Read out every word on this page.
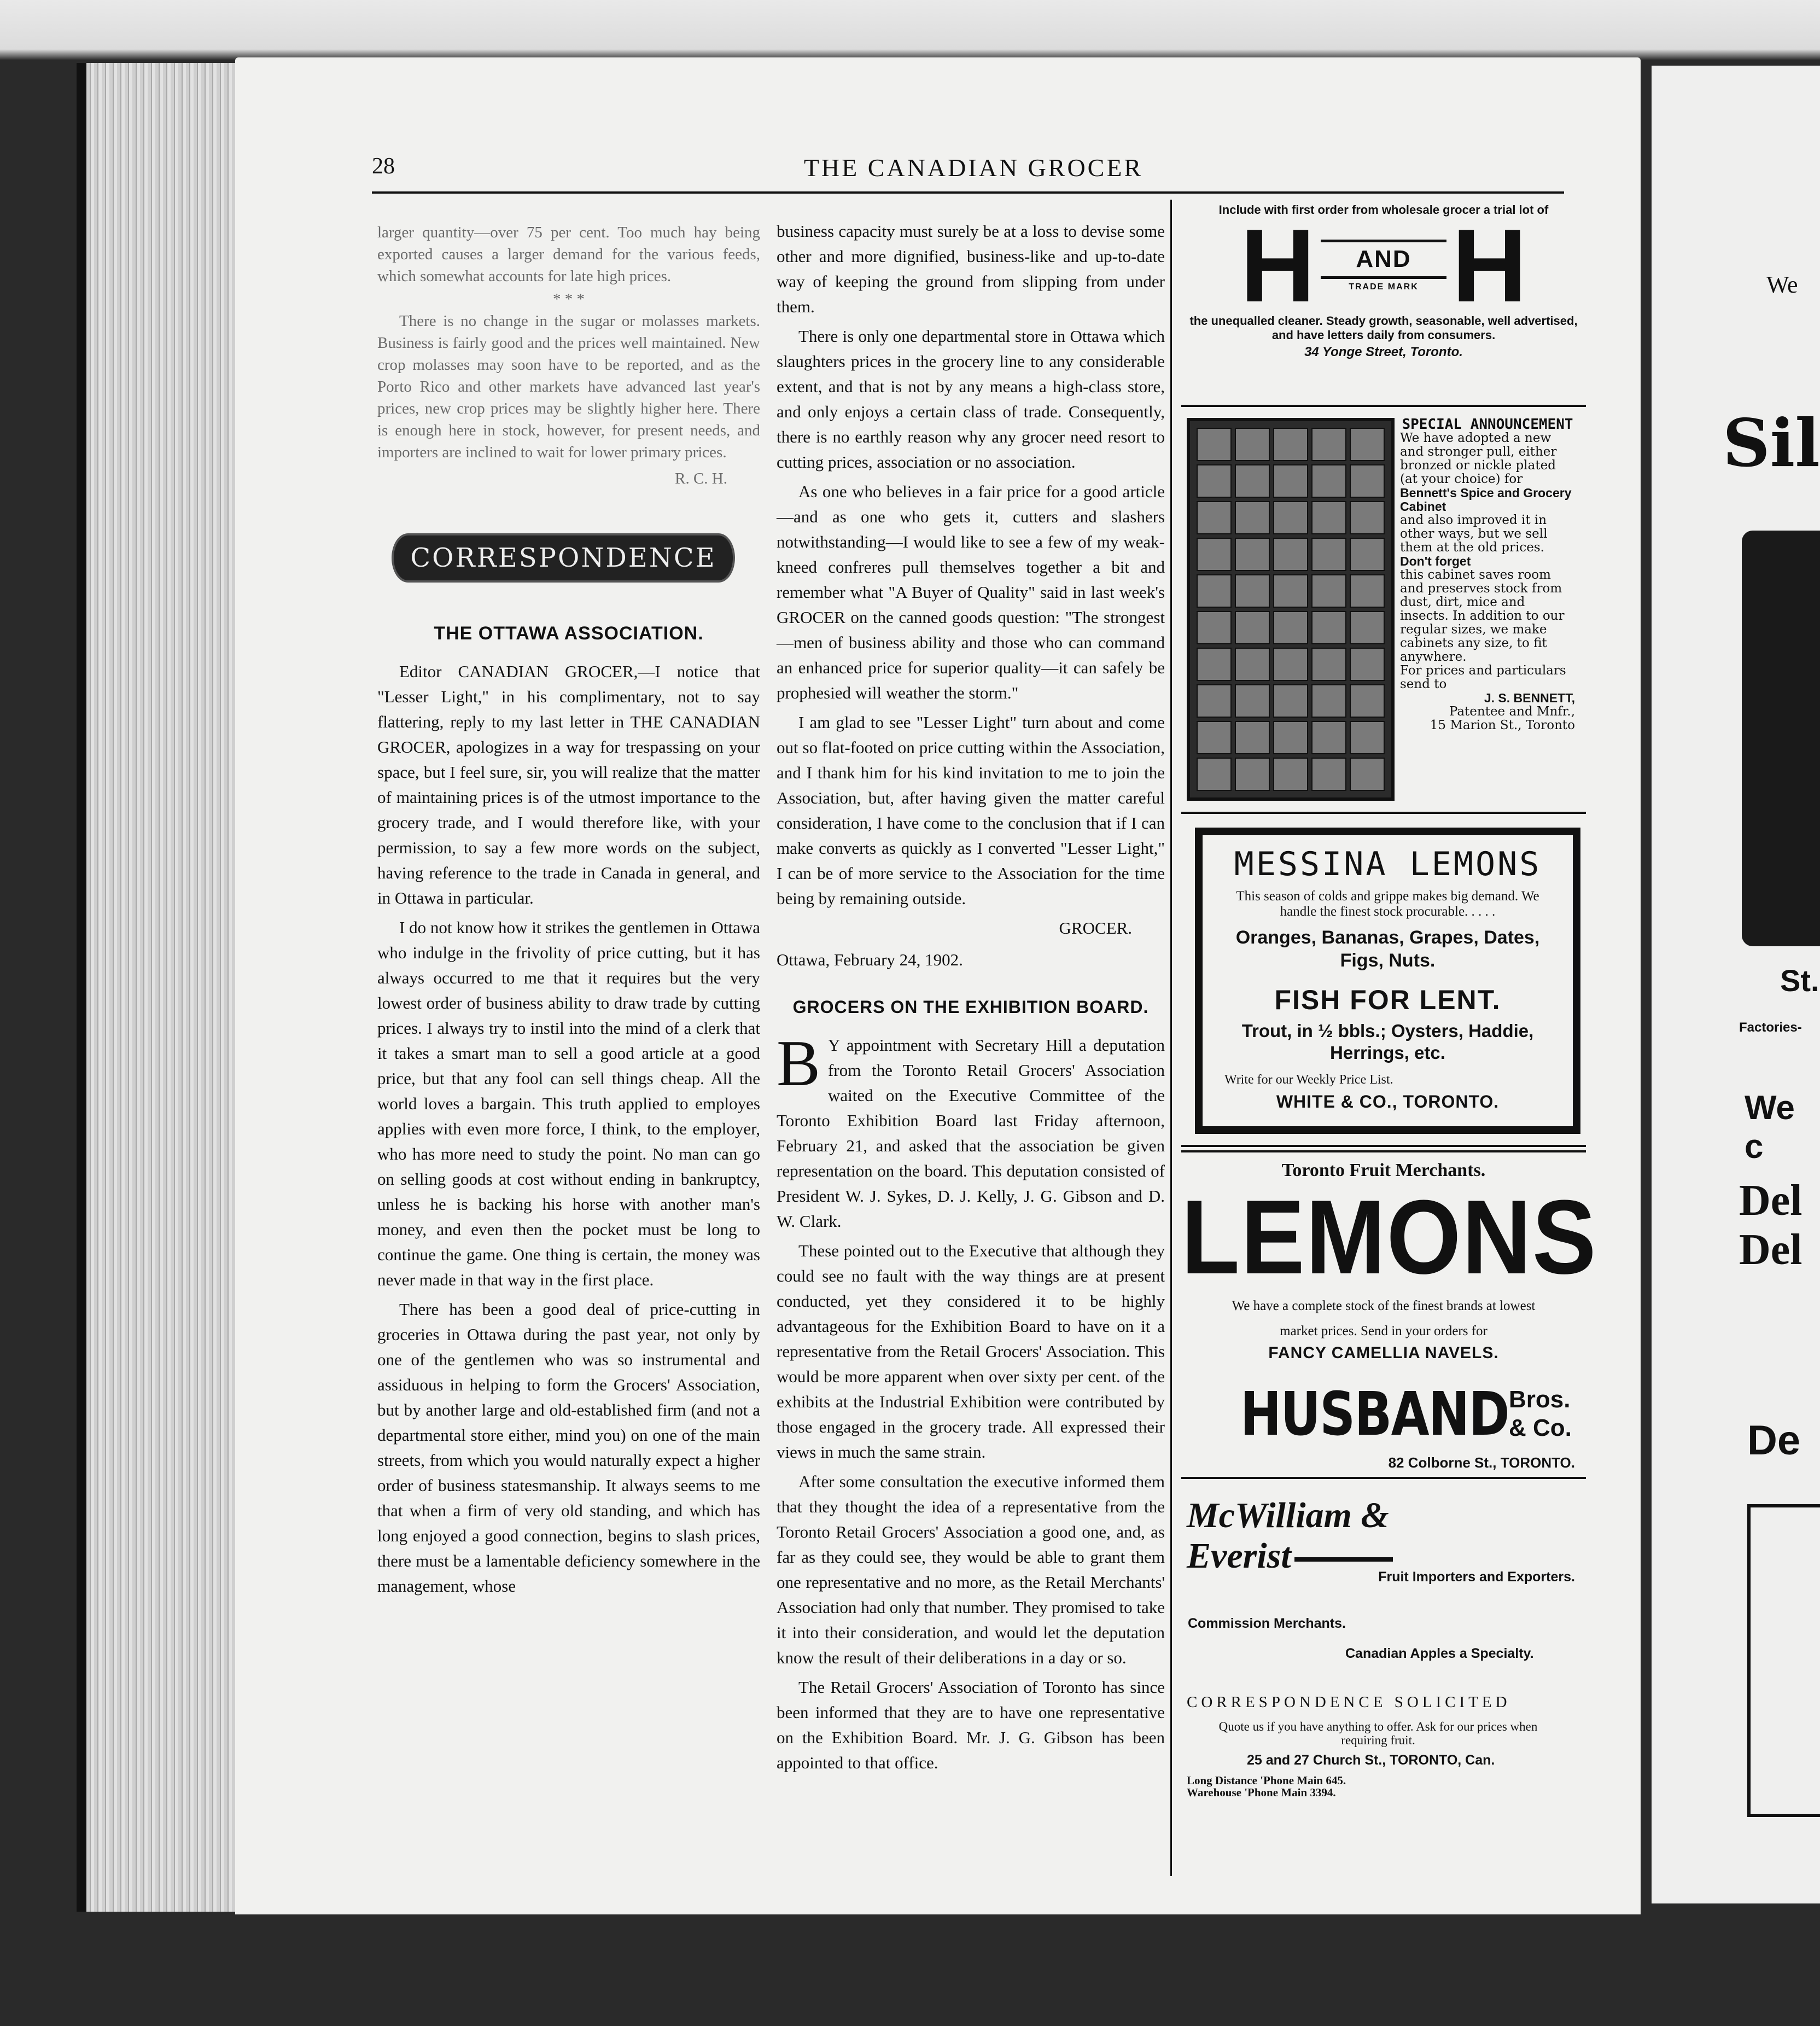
We
Sil
St.
Factories-
We c
Del
Del
De
28	THE CANADIAN GROCER

larger quantity—over 75 per cent. Too much hay being exported causes a larger demand for the various feeds, which somewhat accounts for late high prices.

* * *

There is no change in the sugar or molasses markets. Business is fairly good and the prices well maintained. New crop molasses may soon have to be reported, and as the Porto Rico and other markets have advanced last year's prices, new crop prices may be slightly higher here. There is enough here in stock, however, for present needs, and importers are inclined to wait for lower primary prices.

R. C. H.
CORRESPONDENCE
THE OTTAWA ASSOCIATION.

Editor CANADIAN GROCER,—I notice that "Lesser Light," in his complimentary, not to say flattering, reply to my last letter in THE CANADIAN GROCER, apologizes in a way for trespassing on your space, but I feel sure, sir, you will realize that the matter of maintaining prices is of the utmost importance to the grocery trade, and I would therefore like, with your permission, to say a few more words on the subject, having reference to the trade in Canada in general, and in Ottawa in particular.

I do not know how it strikes the gentlemen in Ottawa who indulge in the frivolity of price cutting, but it has always occurred to me that it requires but the very lowest order of business ability to draw trade by cutting prices. I always try to instil into the mind of a clerk that it takes a smart man to sell a good article at a good price, but that any fool can sell things cheap. All the world loves a bargain. This truth applied to employes applies with even more force, I think, to the employer, who has more need to study the point. No man can go on selling goods at cost without ending in bankruptcy, unless he is backing his horse with another man's money, and even then the pocket must be long to continue the game. One thing is certain, the money was never made in that way in the first place.

There has been a good deal of price-cutting in groceries in Ottawa during the past year, not only by one of the gentlemen who was so instrumental and assiduous in helping to form the Grocers' Association, but by another large and old-established firm (and not a departmental store either, mind you) on one of the main streets, from which you would naturally expect a higher order of business statesmanship. It always seems to me that when a firm of very old standing, and which has long enjoyed a good connection, begins to slash prices, there must be a lamentable deficiency somewhere in the management, whose

business capacity must surely be at a loss to devise some other and more dignified, business-like and up-to-date way of keeping the ground from slipping from under them.

There is only one departmental store in Ottawa which slaughters prices in the grocery line to any considerable extent, and that is not by any means a high-class store, and only enjoys a certain class of trade. Consequently, there is no earthly reason why any grocer need resort to cutting prices, association or no association.

As one who believes in a fair price for a good article—and as one who gets it, cutters and slashers notwithstanding—I would like to see a few of my weak-kneed confreres pull themselves together a bit and remember what "A Buyer of Quality" said in last week's GROCER on the canned goods question: "The strongest—men of business ability and those who can command an enhanced price for superior quality—it can safely be prophesied will weather the storm."

I am glad to see "Lesser Light" turn about and come out so flat-footed on price cutting within the Association, and I thank him for his kind invitation to me to join the Association, but, after having given the matter careful consideration, I have come to the conclusion that if I can make converts as quickly as I converted "Lesser Light," I can be of more service to the Association for the time being by remaining outside.

GROCER.
Ottawa, February 24, 1902.
GROCERS ON THE EXHIBITION BOARD.

B Y appointment with Secretary Hill a deputation from the Toronto Retail Grocers' Association waited on the Executive Committee of the Toronto Exhibition Board last Friday afternoon, February 21, and asked that the association be given representation on the board. This deputation consisted of President W. J. Sykes, D. J. Kelly, J. G. Gibson and D. W. Clark.

These pointed out to the Executive that although they could see no fault with the way things are at present conducted, yet they considered it to be highly advantageous for the Exhibition Board to have on it a representative from the Retail Grocers' Association. This would be more apparent when over sixty per cent. of the exhibits at the Industrial Exhibition were contributed by those engaged in the grocery trade. All expressed their views in much the same strain.

After some consultation the executive informed them that they thought the idea of a representative from the Toronto Retail Grocers' Association a good one, and, as far as they could see, they would be able to grant them one representative and no more, as the Retail Merchants' Association had only that number. They promised to take it into their consideration, and would let the deputation know the result of their deliberations in a day or so.

The Retail Grocers' Association of Toronto has since been informed that they are to have one representative on the Exhibition Board. Mr. J. G. Gibson has been appointed to that office.

Include with first order from wholesale grocer a trial lot of
H	AND
TRADE MARK H
the unequalled cleaner. Steady growth, seasonable, well advertised, and have letters daily from consumers.
34 Yonge Street, Toronto.
SPECIAL ANNOUNCEMENT
We have adopted a new and stronger pull, either bronzed or nickle plated (at your choice) for
Bennett's Spice and Grocery Cabinet
and also improved it in other ways, but we sell them at the old prices.
Don't forget
this cabinet saves room and preserves stock from dust, dirt, mice and insects. In addition to our regular sizes, we make cabinets any size, to fit anywhere.
For prices and particulars send to
J. S. BENNETT,
Patentee and Mnfr.,
15 Marion St., Toronto
MESSINA LEMONS
This season of colds and grippe makes big demand. We handle the finest stock procurable. . . . .
Oranges, Bananas, Grapes, Dates, Figs, Nuts.
FISH FOR LENT.
Trout, in ½ bbls.; Oysters, Haddie, Herrings, etc.
Write for our Weekly Price List.
WHITE & CO., TORONTO.
Toronto Fruit Merchants.
LEMONS
We have a complete stock of the finest brands at lowest market prices. Send in your orders for
FANCY CAMELLIA NAVELS.
HUSBAND Bros. & Co.
82 Colborne St., TORONTO.
McWilliam &
Everist
Fruit Importers and Exporters.
Commission Merchants.
Canadian Apples a Specialty.
CORRESPONDENCE SOLICITED
Quote us if you have anything to offer. Ask for our prices when requiring fruit.
25 and 27 Church St., TORONTO, Can.
Long Distance 'Phone Main 645.
Warehouse 'Phone Main 3394.
